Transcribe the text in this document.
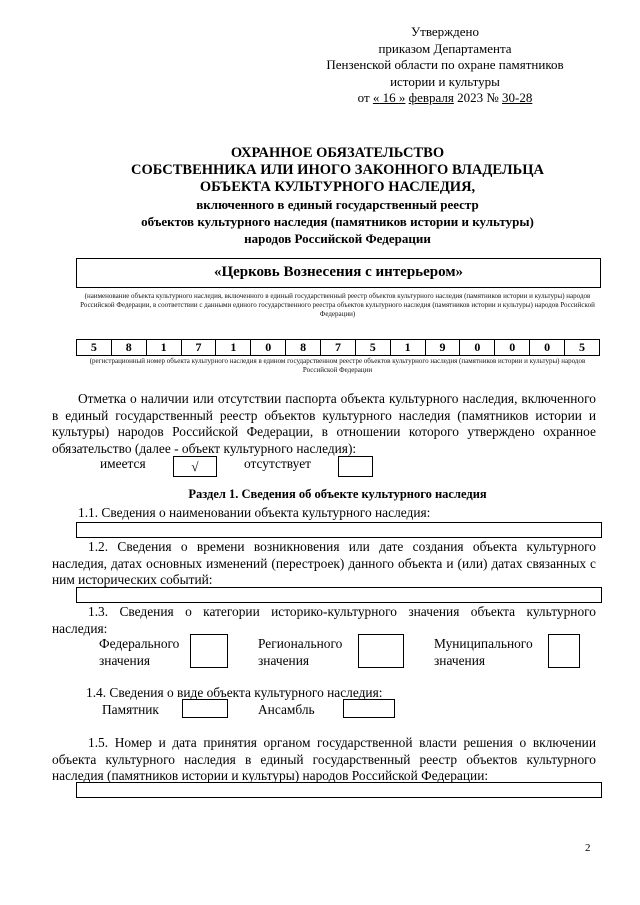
Утверждено
приказом Департамента
Пензенской области по охране памятников
истории и культуры
от « 16 » февраля 2023 № 30-28
ОХРАННОЕ ОБЯЗАТЕЛЬСТВО
СОБСТВЕННИКА ИЛИ ИНОГО ЗАКОННОГО ВЛАДЕЛЬЦА
ОБЪЕКТА КУЛЬТУРНОГО НАСЛЕДИЯ,
включенного в единый государственный реестр
объектов культурного наследия (памятников истории и культуры)
народов Российской Федерации
«Церковь Вознесения с интерьером»
(наименование объекта культурного наследия, включенного в единый государственный реестр объектов культурного наследия (памятников истории и культуры) народов Российской Федерации, в соответствии с данными единого государственного реестра объектов культурного наследия (памятников истории и культуры) народов Российской Федерации)
5	8	1	7	1	0	8	7	5	1	9	0	0	0	5
(регистрационный номер объекта культурного наследия в едином государственном реестре объектов культурного наследия (памятников истории и культуры) народов Российской Федерации
Отметка о наличии или отсутствии паспорта объекта культурного наследия, включенного в единый государственный реестр объектов культурного наследия (памятников истории и культуры) народов Российской Федерации, в отношении которого утверждено охранное обязательство (далее - объект культурного наследия):
имеется	√	отсутствует
Раздел 1. Сведения об объекте культурного наследия
1.1. Сведения о наименовании объекта культурного наследия:
1.2. Сведения о времени возникновения или дате создания объекта культурного наследия, датах основных изменений (перестроек) данного объекта и (или) датах связанных с ним исторических событий:
1.3. Сведения о категории историко-культурного значения объекта культурного наследия:
Федерального
значения
Регионального
значения
Муниципального
значения
1.4. Сведения о виде объекта культурного наследия:
Памятник	Ансамбль
1.5. Номер и дата принятия органом государственной власти решения о включении объекта культурного наследия в единый государственный реестр объектов культурного наследия (памятников истории и культуры) народов Российской Федерации:
2
